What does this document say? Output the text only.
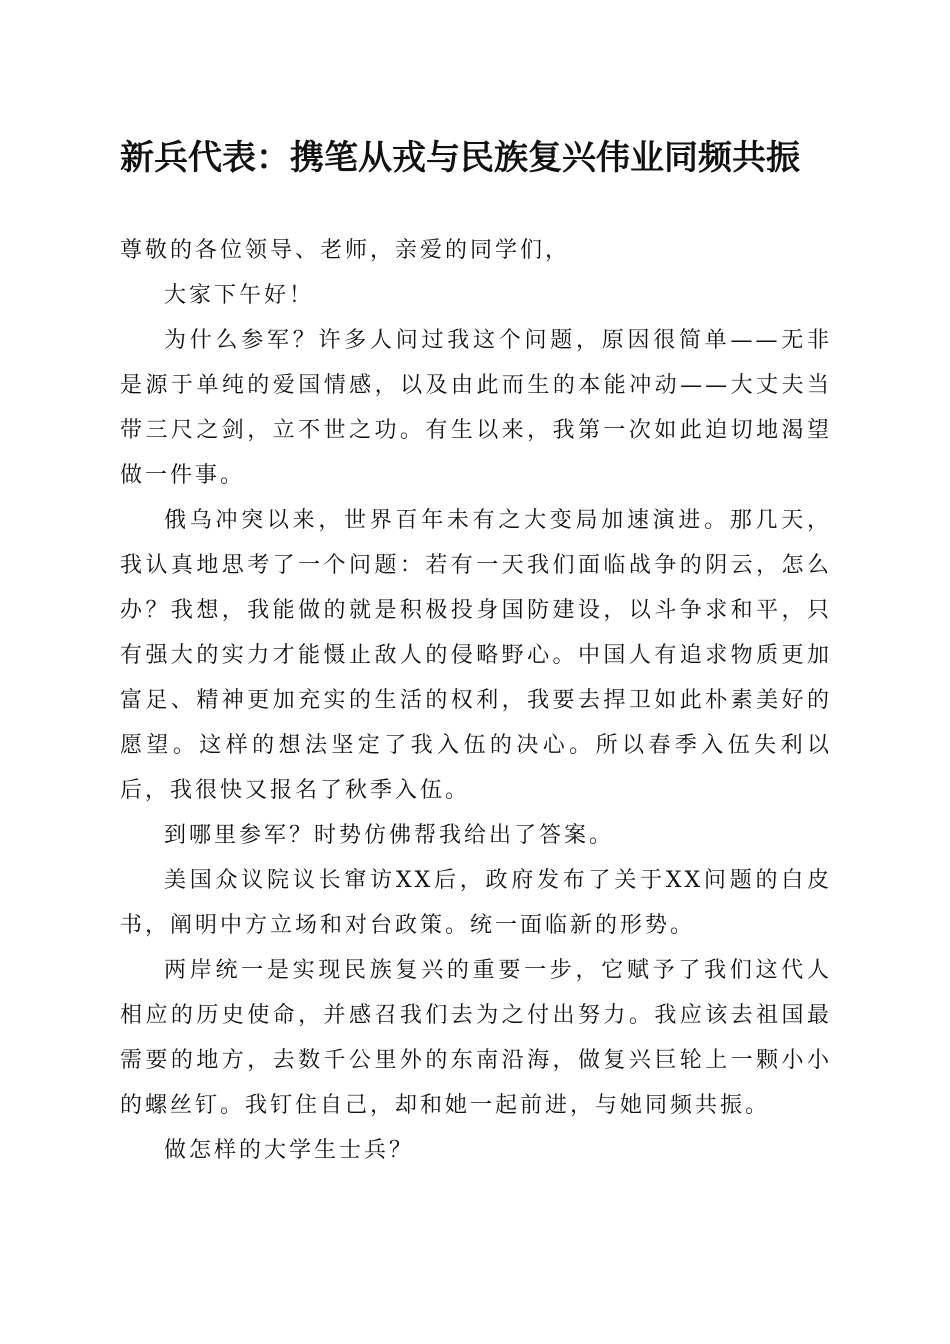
新兵代表：携笔从戎与民族复兴伟业同频共振

尊敬的各位领导、老师，亲爱的同学们，

大家下午好！

为什么参军？许多人问过我这个问题，原因很简单——无非是源于单纯的爱国情感，以及由此而生的本能冲动——大丈夫当带三尺之剑，立不世之功。有生以来，我第一次如此迫切地渴望做一件事。

俄乌冲突以来，世界百年未有之大变局加速演进。那几天，我认真地思考了一个问题：若有一天我们面临战争的阴云，怎么办？我想，我能做的就是积极投身国防建设，以斗争求和平，只有强大的实力才能慑止敌人的侵略野心。中国人有追求物质更加富足、精神更加充实的生活的权利，我要去捍卫如此朴素美好的愿望。这样的想法坚定了我入伍的决心。所以春季入伍失利以后，我很快又报名了秋季入伍。

到哪里参军？时势仿佛帮我给出了答案。

美国众议院议长窜访XX后，政府发布了关于XX问题的白皮书，阐明中方立场和对台政策。统一面临新的形势。

两岸统一是实现民族复兴的重要一步，它赋予了我们这代人相应的历史使命，并感召我们去为之付出努力。我应该去祖国最需要的地方，去数千公里外的东南沿海，做复兴巨轮上一颗小小的螺丝钉。我钉住自己，却和她一起前进，与她同频共振。

做怎样的大学生士兵？
